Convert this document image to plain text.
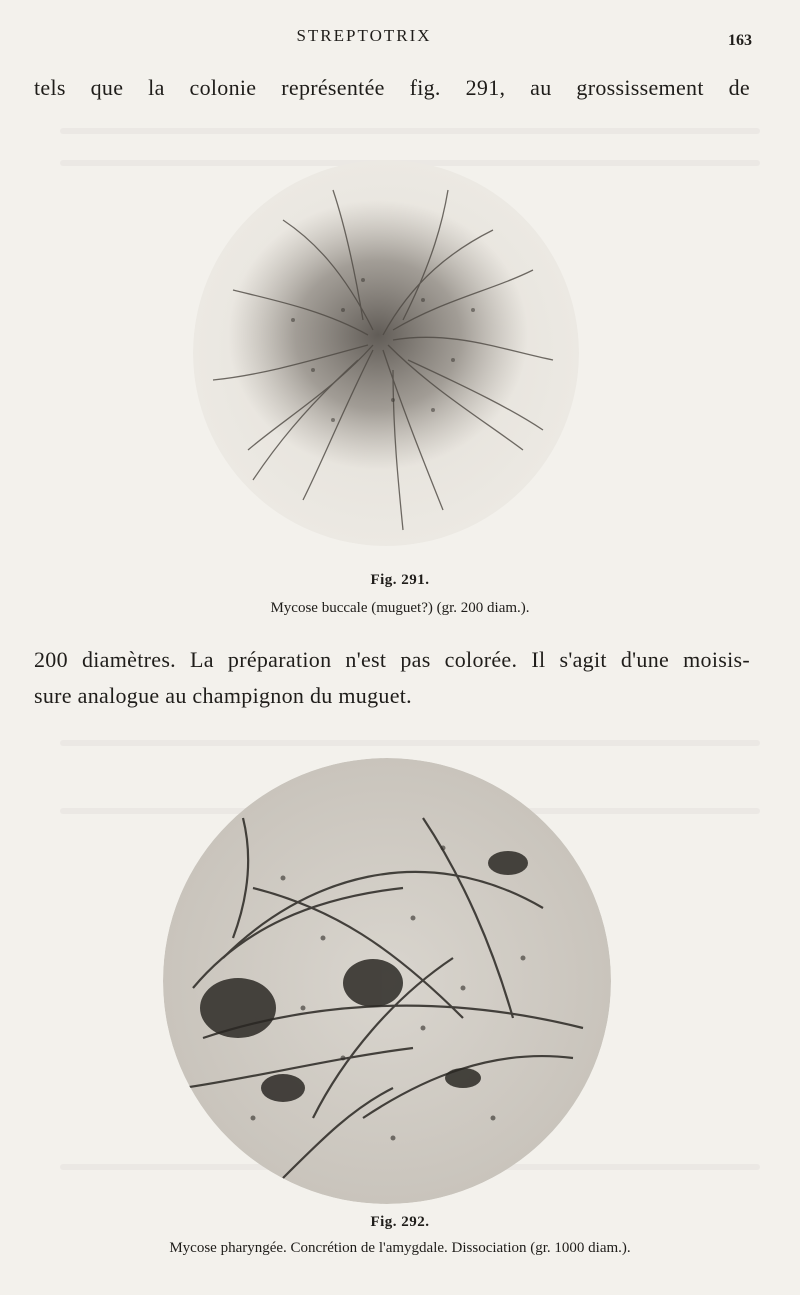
STREPTOTRIX	163
tels que la colonie représentée fig. 291, au grossissement de
Fig. 291.
Mycose buccale (muguet?) (gr. 200 diam.).
200 diamètres. La préparation n'est pas colorée. Il s'agit d'une moisis-
sure analogue au champignon du muguet.
Fig. 292.
Mycose pharyngée. Concrétion de l'amygdale. Dissociation (gr. 1000 diam.).
